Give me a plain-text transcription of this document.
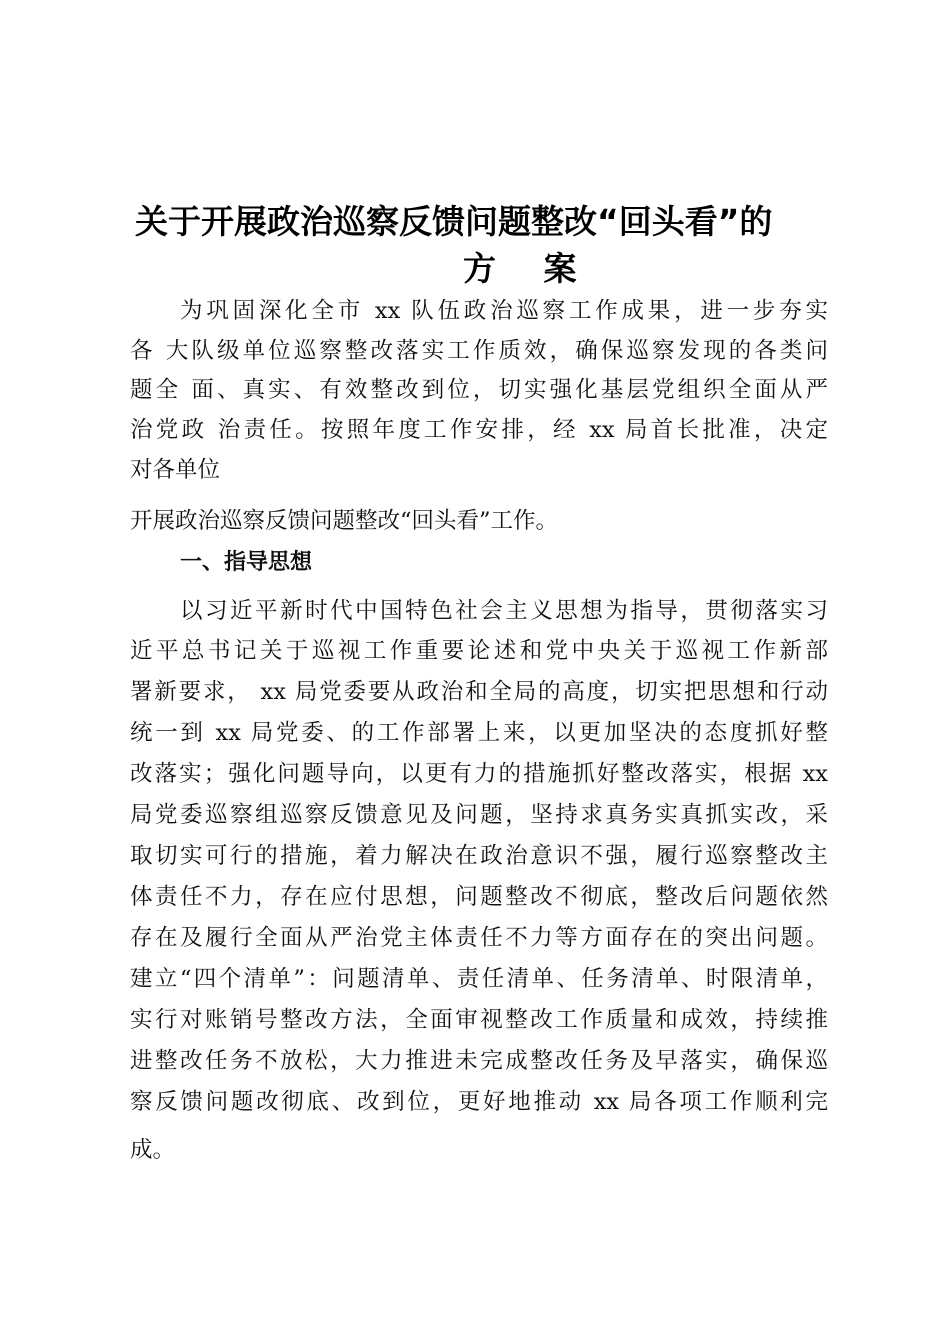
关于开展政治巡察反馈问题整改“回头看”的
方 案
为巩固深化全市 xx 队伍政治巡察工作成果，进一步夯实
各 大队级单位巡察整改落实工作质效，确保巡察发现的各类问
题全 面、真实、有效整改到位，切实强化基层党组织全面从严
治党政 治责任。按照年度工作安排，经 xx 局首长批准，决定
对各单位
开展政治巡察反馈问题整改“回头看”工作。
一、指导思想
以习近平新时代中国特色社会主义思想为指导，贯彻落实习
近平总书记关于巡视工作重要论述和党中央关于巡视工作新部
署新要求， xx 局党委要从政治和全局的高度，切实把思想和行动
统一到 xx 局党委、的工作部署上来，以更加坚决的态度抓好整
改落实；强化问题导向，以更有力的措施抓好整改落实，根据 xx
局党委巡察组巡察反馈意见及问题，坚持求真务实真抓实改，采
取切实可行的措施，着力解决在政治意识不强，履行巡察整改主
体责任不力，存在应付思想，问题整改不彻底，整改后问题依然
存在及履行全面从严治党主体责任不力等方面存在的突出问题。
建立“四个清单”：问题清单、责任清单、任务清单、时限清单，
实行对账销号整改方法，全面审视整改工作质量和成效，持续推
进整改任务不放松，大力推进未完成整改任务及早落实，确保巡
察反馈问题改彻底、改到位，更好地推动 xx 局各项工作顺利完
成。
